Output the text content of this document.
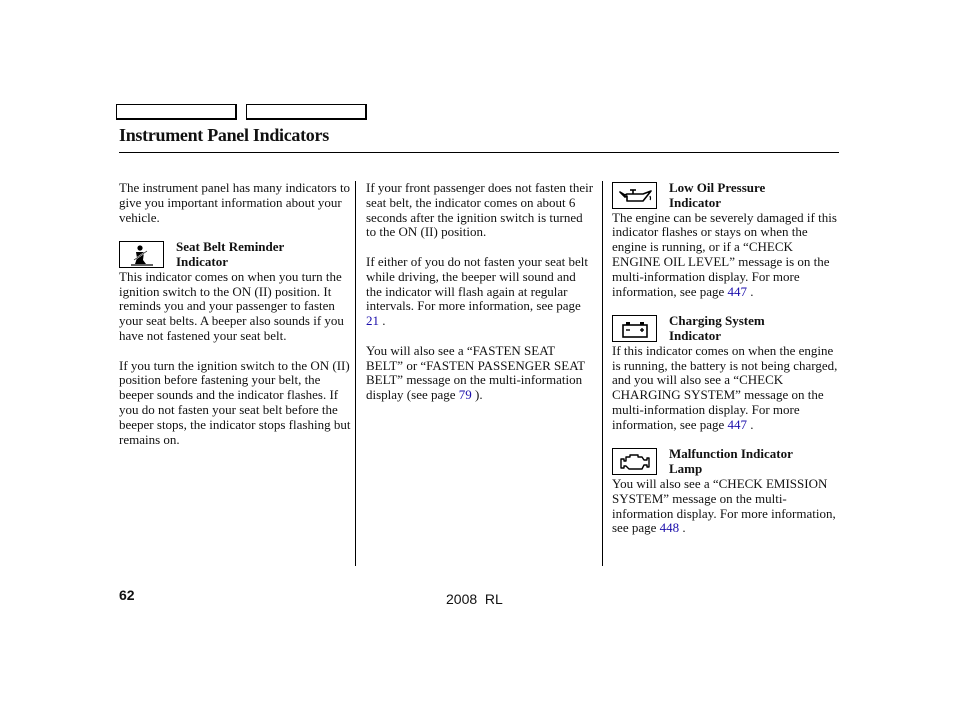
Instrument Panel Indicators

The instrument panel has many indicators to give you important information about your vehicle.

Seat Belt Reminder
Indicator

This indicator comes on when you turn the ignition switch to the ON (II) position. It reminds you and your passenger to fasten your seat belts. A beeper also sounds if you have not fastened your seat belt.

If you turn the ignition switch to the ON (II) position before fastening your belt, the beeper sounds and the indicator flashes. If you do not fasten your seat belt before the beeper stops, the indicator stops flashing but remains on.

If your front passenger does not fasten their seat belt, the indicator comes on about 6 seconds after the ignition switch is turned to the ON (II) position.

If either of you do not fasten your seat belt while driving, the beeper will sound and the indicator will flash again at regular intervals. For more information, see page 21 .

You will also see a “FASTEN SEAT BELT” or “FASTEN PASSENGER SEAT BELT” message on the multi-information display (see page 79 ).

Low Oil Pressure
Indicator

The engine can be severely damaged if this indicator flashes or stays on when the engine is running, or if a “CHECK ENGINE OIL LEVEL” message is on the multi-information display. For more information, see page 447 .

Charging System
Indicator

If this indicator comes on when the engine is running, the battery is not being charged, and you will also see a “CHECK CHARGING SYSTEM” message on the multi-information display. For more information, see page 447 .

Malfunction Indicator
Lamp

You will also see a “CHECK EMISSION SYSTEM” message on the multi-information display. For more information, see page 448 .

62	2008  RL
